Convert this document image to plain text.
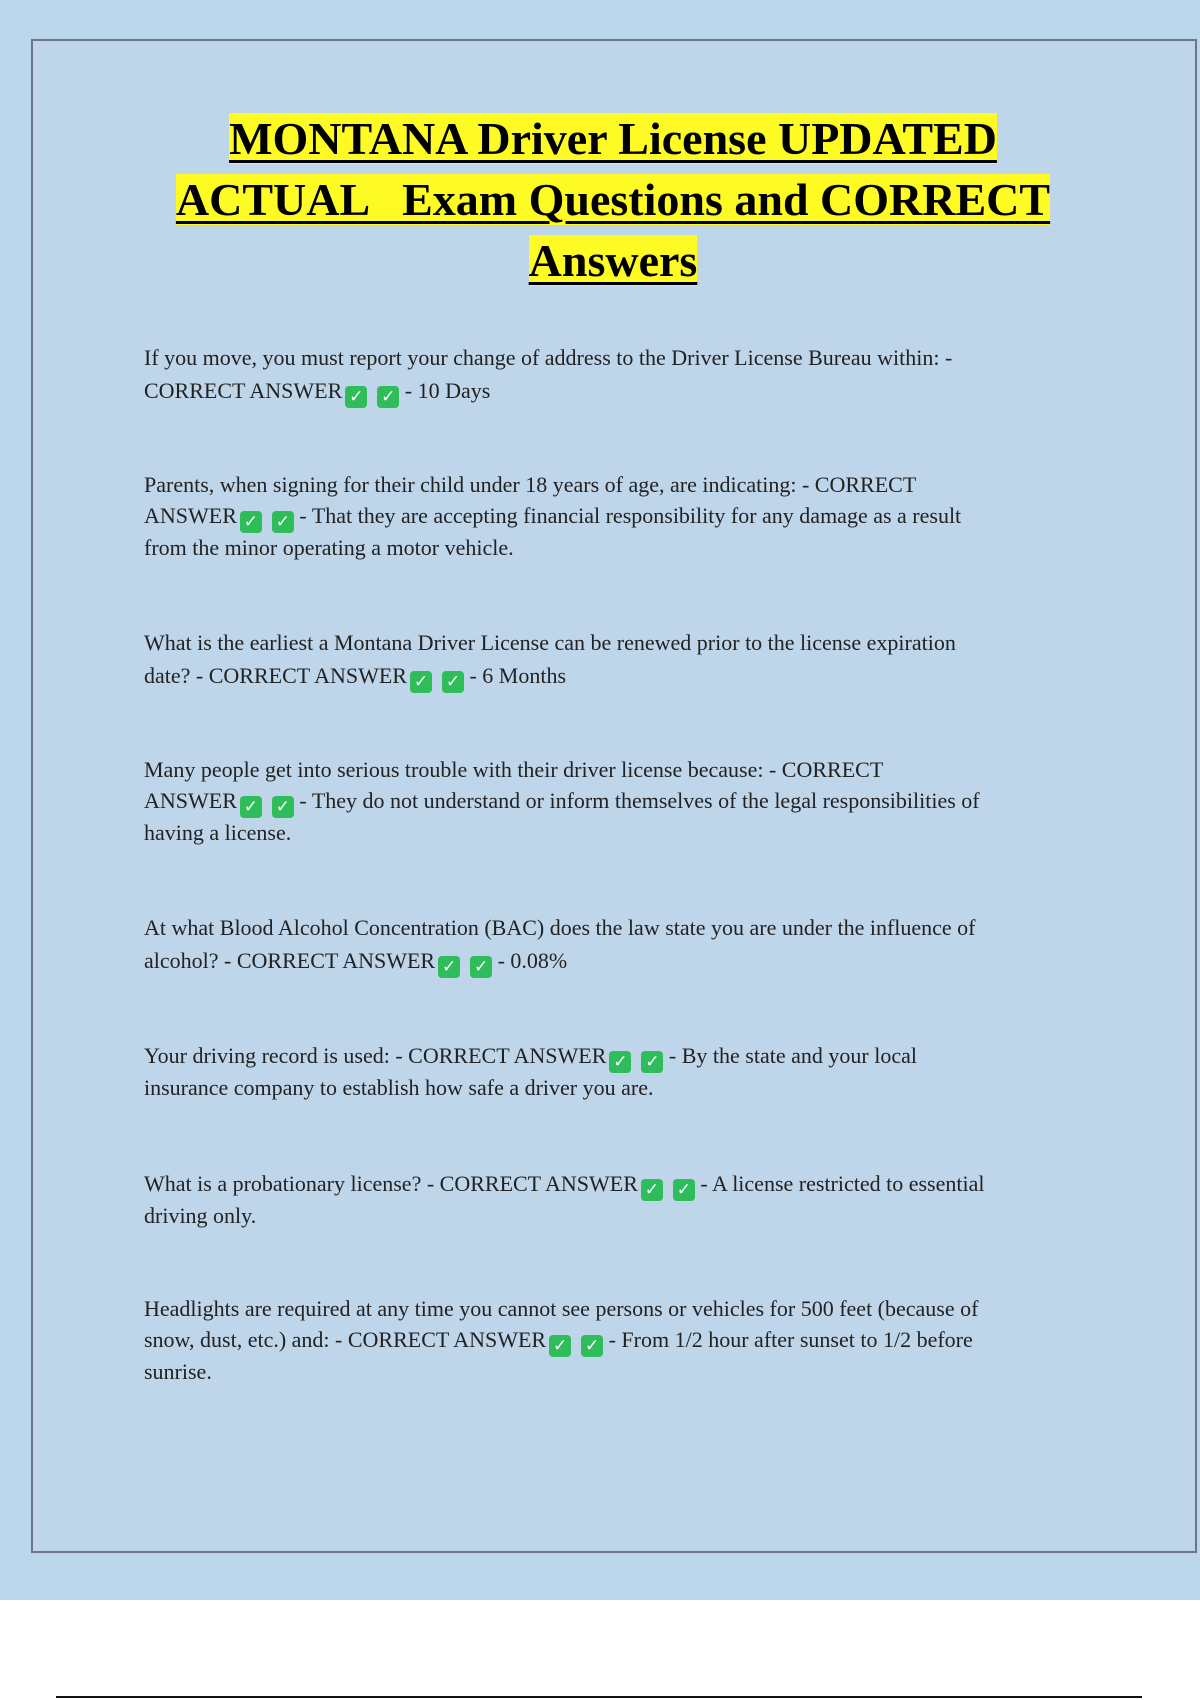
MONTANA Driver License UPDATED
ACTUAL   Exam Questions and CORRECT
Answers
If you move, you must report your change of address to the Driver License Bureau within: -
CORRECT ANSWER ✓ ✓ - 10 Days
Parents, when signing for their child under 18 years of age, are indicating: - CORRECT
ANSWER ✓ ✓ - That they are accepting financial responsibility for any damage as a result
from the minor operating a motor vehicle.
What is the earliest a Montana Driver License can be renewed prior to the license expiration
date? - CORRECT ANSWER ✓ ✓ - 6 Months
Many people get into serious trouble with their driver license because: - CORRECT
ANSWER ✓ ✓ - They do not understand or inform themselves of the legal responsibilities of
having a license.
At what Blood Alcohol Concentration (BAC) does the law state you are under the influence of
alcohol? - CORRECT ANSWER ✓ ✓ - 0.08%
Your driving record is used: - CORRECT ANSWER ✓ ✓ - By the state and your local
insurance company to establish how safe a driver you are.
What is a probationary license? - CORRECT ANSWER ✓ ✓ - A license restricted to essential
driving only.
Headlights are required at any time you cannot see persons or vehicles for 500 feet (because of
snow, dust, etc.) and: - CORRECT ANSWER ✓ ✓ - From 1/2 hour after sunset to 1/2 before
sunrise.
